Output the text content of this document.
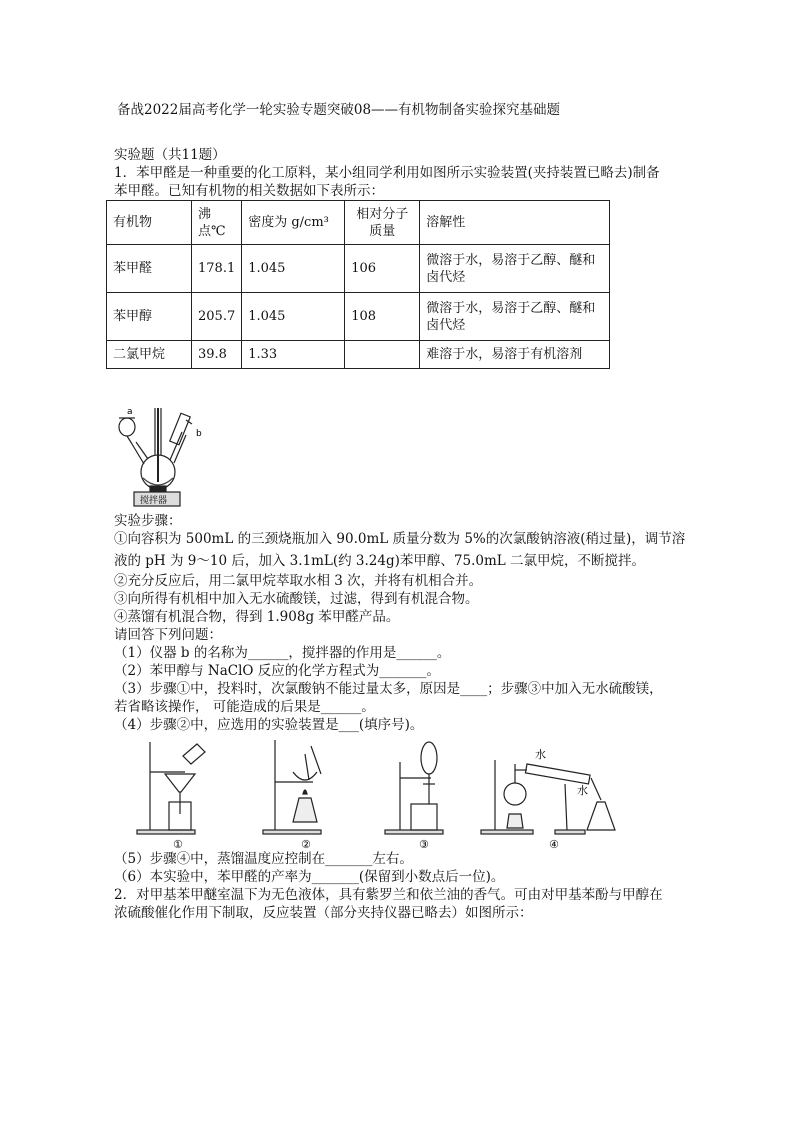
备战2022届高考化学一轮实验专题突破08——有机物制备实验探究基础题
实验题（共11题）
1．苯甲醛是一种重要的化工原料，某小组同学利用如图所示实验装置(夹持装置已略去)制备
苯甲醛。已知有机物的相关数据如下表所示：
有机物	沸点℃	密度为 g/cm³	相对分子质量	溶解性
苯甲醛	178.1	1.045	106	微溶于水，易溶于乙醇、醚和卤代烃
苯甲醇	205.7	1.045	108	微溶于水，易溶于乙醇、醚和卤代烃
二氯甲烷	39.8	1.33		难溶于水，易溶于有机溶剂
a
b
搅拌器
实验步骤：
①向容积为 500mL 的三颈烧瓶加入 90.0mL 质量分数为 5%的次氯酸钠溶液(稍过量)，调节溶
液的 pH 为 9～10 后，加入 3.1mL(约 3.24g)苯甲醇、75.0mL 二氯甲烷，不断搅拌。
②充分反应后，用二氯甲烷萃取水相 3 次，并将有机相合并。
③向所得有机相中加入无水硫酸镁，过滤，得到有机混合物。
④蒸馏有机混合物，得到 1.908g 苯甲醛产品。
请回答下列问题：
（1）仪器 b 的名称为______，搅拌器的作用是______。
（2）苯甲醇与 NaClO 反应的化学方程式为_______。
（3）步骤①中，投料时，次氯酸钠不能过量太多，原因是____；步骤③中加入无水硫酸镁，
若省略该操作， 可能造成的后果是______。
（4）步骤②中，应选用的实验装置是___(填序号)。
①	②	③	④
水
水
（5）步骤④中，蒸馏温度应控制在_______左右。
（6）本实验中，苯甲醛的产率为_______(保留到小数点后一位)。
2．对甲基苯甲醚室温下为无色液体，具有紫罗兰和依兰油的香气。可由对甲基苯酚与甲醇在
浓硫酸催化作用下制取，反应装置（部分夹持仪器已略去）如图所示：
